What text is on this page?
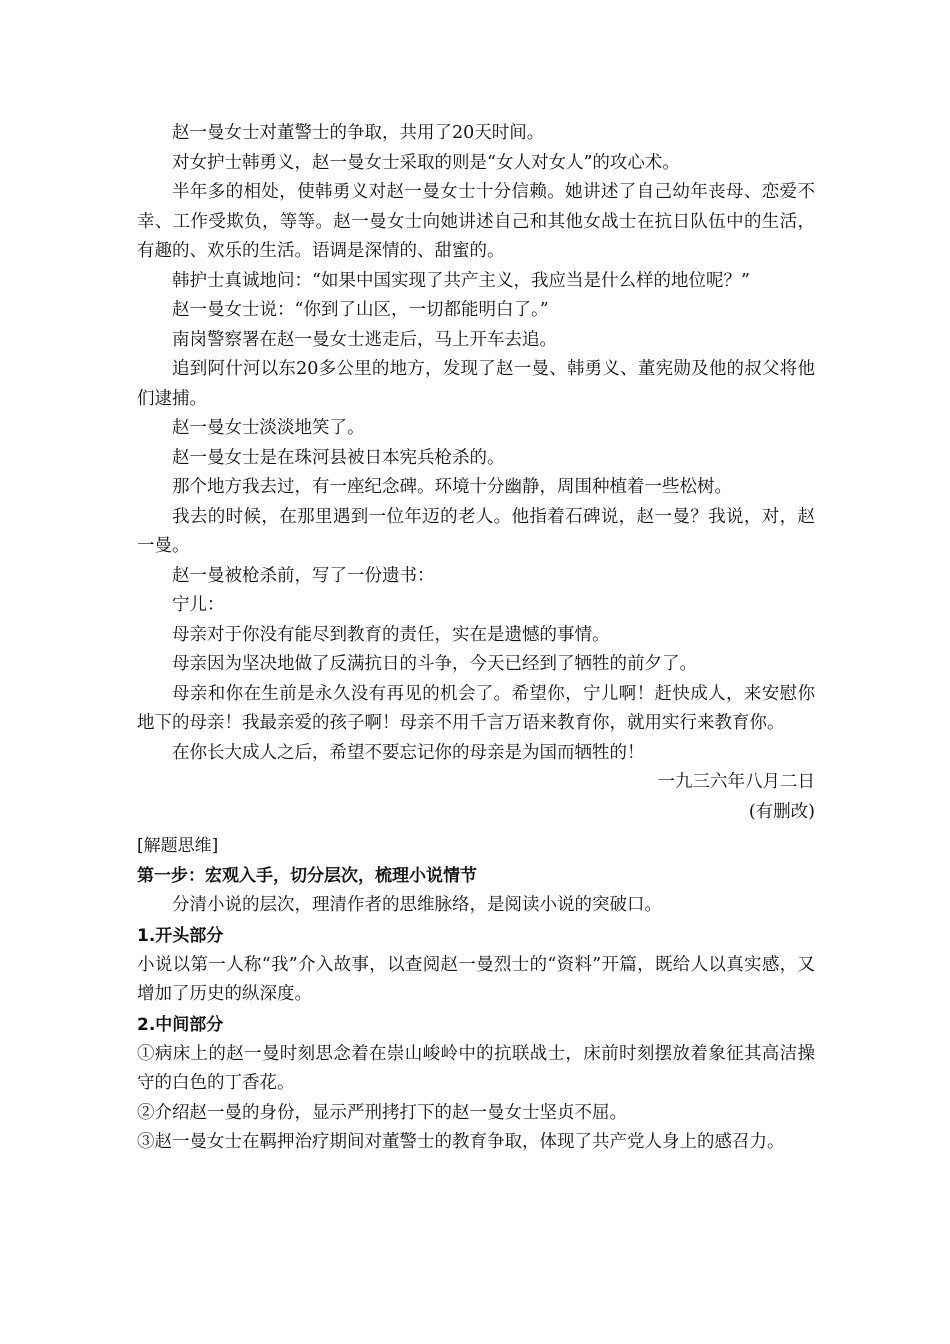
赵一曼女士对董警士的争取，共用了20天时间。

对女护士韩勇义，赵一曼女士采取的则是“女人对女人”的攻心术。

半年多的相处，使韩勇义对赵一曼女士十分信赖。她讲述了自己幼年丧母、恋爱不幸、工作受欺负，等等。赵一曼女士向她讲述自己和其他女战士在抗日队伍中的生活，有趣的、欢乐的生活。语调是深情的、甜蜜的。

韩护士真诚地问：“如果中国实现了共产主义，我应当是什么样的地位呢？”

赵一曼女士说：“你到了山区，一切都能明白了。”

南岗警察署在赵一曼女士逃走后，马上开车去追。

追到阿什河以东20多公里的地方，发现了赵一曼、韩勇义、董宪勋及他的叔父将他们逮捕。

赵一曼女士淡淡地笑了。

赵一曼女士是在珠河县被日本宪兵枪杀的。

那个地方我去过，有一座纪念碑。环境十分幽静，周围种植着一些松树。

我去的时候，在那里遇到一位年迈的老人。他指着石碑说，赵一曼？我说，对，赵一曼。

赵一曼被枪杀前，写了一份遗书：

宁儿：

母亲对于你没有能尽到教育的责任，实在是遗憾的事情。

母亲因为坚决地做了反满抗日的斗争，今天已经到了牺牲的前夕了。

母亲和你在生前是永久没有再见的机会了。希望你，宁儿啊！赶快成人，来安慰你地下的母亲！我最亲爱的孩子啊！母亲不用千言万语来教育你，就用实行来教育你。

在你长大成人之后，希望不要忘记你的母亲是为国而牺牲的！

一九三六年八月二日

(有删改)

[解题思维]

第一步：宏观入手，切分层次，梳理小说情节

分清小说的层次，理清作者的思维脉络，是阅读小说的突破口。

1.开头部分

小说以第一人称“我”介入故事，以查阅赵一曼烈士的“资料”开篇，既给人以真实感，又增加了历史的纵深度。

2.中间部分

①病床上的赵一曼时刻思念着在崇山峻岭中的抗联战士，床前时刻摆放着象征其高洁操守的白色的丁香花。

②介绍赵一曼的身份，显示严刑拷打下的赵一曼女士坚贞不屈。

③赵一曼女士在羁押治疗期间对董警士的教育争取，体现了共产党人身上的感召力。
